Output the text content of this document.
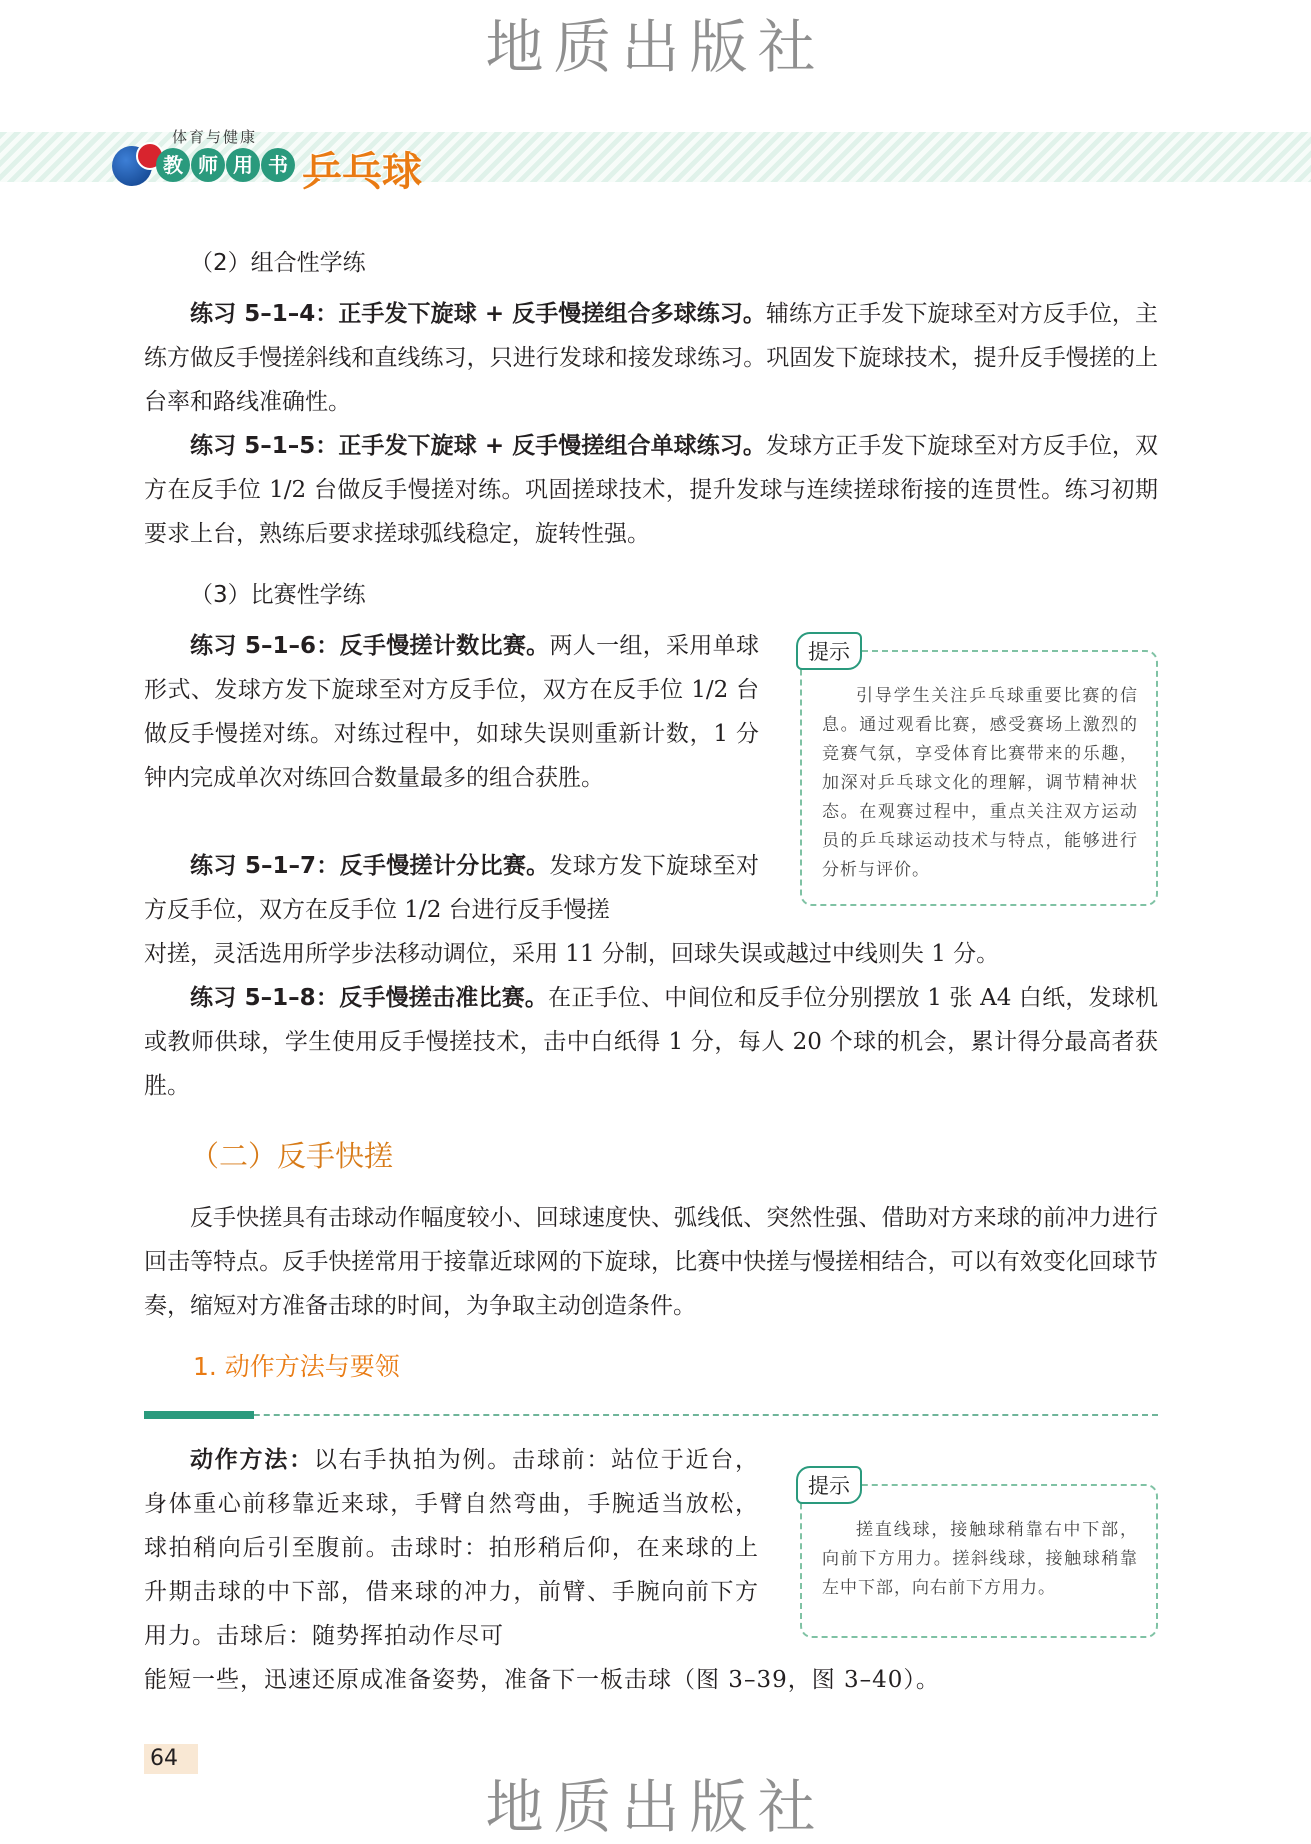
地质出版社
体育与健康
教 师 用 书 乒乓球

（2）组合性学练

练习 5–1–4：正手发下旋球 + 反手慢搓组合多球练习。辅练方正手发下旋球至对方反手位，主练方做反手慢搓斜线和直线练习，只进行发球和接发球练习。巩固发下旋球技术，提升反手慢搓的上台率和路线准确性。

练习 5–1–5：正手发下旋球 + 反手慢搓组合单球练习。发球方正手发下旋球至对方反手位，双方在反手位 1/2 台做反手慢搓对练。巩固搓球技术，提升发球与连续搓球衔接的连贯性。练习初期要求上台，熟练后要求搓球弧线稳定，旋转性强。

（3）比赛性学练

练习 5–1–6：反手慢搓计数比赛。两人一组，采用单球形式、发球方发下旋球至对方反手位，双方在反手位 1/2 台做反手慢搓对练。对练过程中，如球失误则重新计数，1 分钟内完成单次对练回合数量最多的组合获胜。

练习 5–1–7：反手慢搓计分比赛。发球方发下旋球至对方反手位，双方在反手位 1/2 台进行反手慢搓

对搓，灵活选用所学步法移动调位，采用 11 分制，回球失误或越过中线则失 1 分。

练习 5–1–8：反手慢搓击准比赛。在正手位、中间位和反手位分别摆放 1 张 A4 白纸，发球机或教师供球，学生使用反手慢搓技术，击中白纸得 1 分，每人 20 个球的机会，累计得分最高者获胜。

提示

引导学生关注乒乓球重要比赛的信息。通过观看比赛，感受赛场上激烈的竞赛气氛，享受体育比赛带来的乐趣，加深对乒乓球文化的理解，调节精神状态。在观赛过程中，重点关注双方运动员的乒乓球运动技术与特点，能够进行分析与评价。

（二）反手快搓

反手快搓具有击球动作幅度较小、回球速度快、弧线低、突然性强、借助对方来球的前冲力进行回击等特点。反手快搓常用于接靠近球网的下旋球，比赛中快搓与慢搓相结合，可以有效变化回球节奏，缩短对方准备击球的时间，为争取主动创造条件。

1. 动作方法与要领

动作方法：以右手执拍为例。击球前：站位于近台，身体重心前移靠近来球，手臂自然弯曲，手腕适当放松，球拍稍向后引至腹前。击球时：拍形稍后仰，在来球的上升期击球的中下部，借来球的冲力，前臂、手腕向前下方用力。击球后：随势挥拍动作尽可

能短一些，迅速还原成准备姿势，准备下一板击球（图 3–39，图 3–40）。

提示

搓直线球，接触球稍靠右中下部，向前下方用力。搓斜线球，接触球稍靠左中下部，向右前下方用力。

64
地质出版社
